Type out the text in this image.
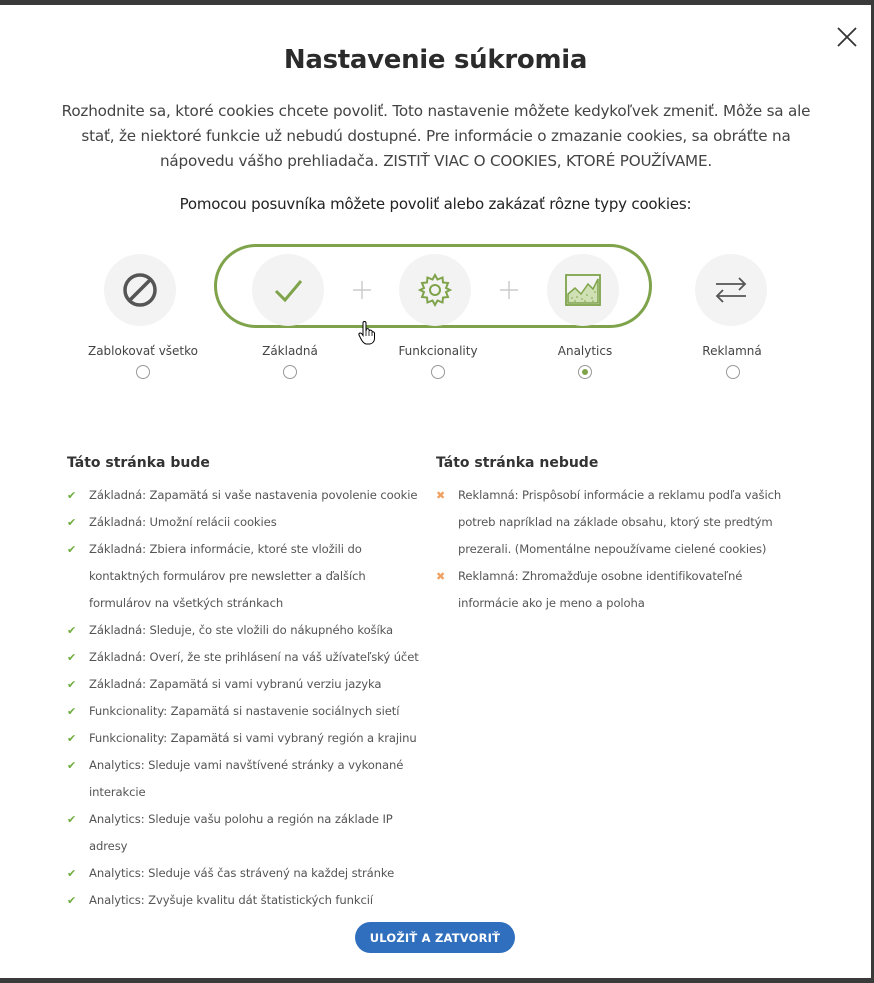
Nastavenie súkromia
Rozhodnite sa, ktoré cookies chcete povoliť. Toto nastavenie môžete kedykoľvek zmeniť. Môže sa ale stať, že niektoré funkcie už nebudú dostupné. Pre informácie o zmazanie cookies, sa obráťte na nápovedu vášho prehliadača. ZISTIŤ VIAC O COOKIES, KTORÉ POUŽÍVAME.
Pomocou posuvníka môžete povoliť alebo zakázať rôzne typy cookies:
Zablokovať všetko	Základná	Funkcionality	Analytics	Reklamná
Táto stránka bude
✔ Základná: Zapamätá si vaše nastavenia povolenie cookie
✔ Základná: Umožní relácii cookies
✔ Základná: Zbiera informácie, ktoré ste vložili do kontaktných formulárov pre newsletter a ďalších formulárov na všetkých stránkach
✔ Základná: Sleduje, čo ste vložili do nákupného košíka
✔ Základná: Overí, že ste prihlásení na váš užívateľský účet
✔ Základná: Zapamätá si vami vybranú verziu jazyka
✔ Funkcionality: Zapamätá si nastavenie sociálnych sietí
✔ Funkcionality: Zapamätá si vami vybraný región a krajinu
✔ Analytics: Sleduje vami navštívené stránky a vykonané interakcie
✔ Analytics: Sleduje vašu polohu a región na základe IP adresy
✔ Analytics: Sleduje váš čas strávený na každej stránke
✔ Analytics: Zvyšuje kvalitu dát štatistických funkcií
Táto stránka nebude
✖ Reklamná: Prispôsobí informácie a reklamu podľa vašich potreb napríklad na základe obsahu, ktorý ste predtým prezerali. (Momentálne nepoužívame cielené cookies)
✖ Reklamná: Zhromažďuje osobne identifikovateľné informácie ako je meno a poloha
ULOŽIŤ A ZATVORIŤ
